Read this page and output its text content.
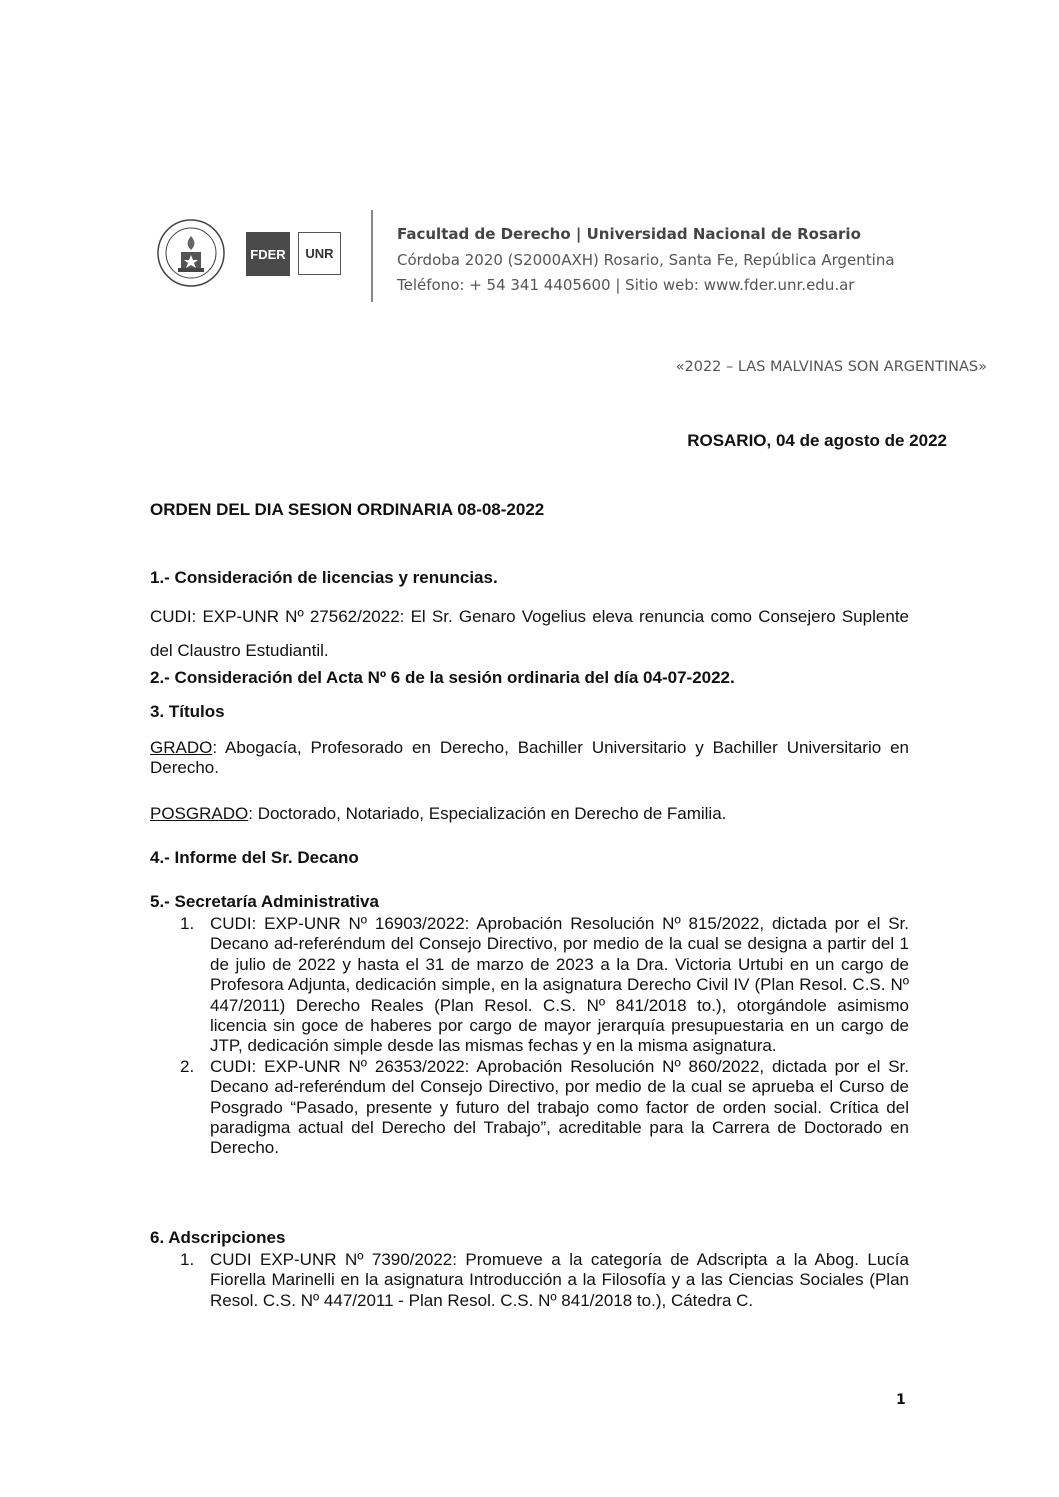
FDER	UNR
Facultad de Derecho | Universidad Nacional de Rosario
Córdoba 2020 (S2000AXH) Rosario, Santa Fe, República Argentina
Teléfono: + 54 341 4405600 | Sitio web: www.fder.unr.edu.ar
«2022 – LAS MALVINAS SON ARGENTINAS»
ROSARIO, 04 de agosto de 2022
ORDEN DEL DIA SESION ORDINARIA 08-08-2022
1.- Consideración de licencias y renuncias.
CUDI: EXP-UNR Nº 27562/2022: El Sr. Genaro Vogelius eleva renuncia como Consejero Suplente del Claustro Estudiantil.
2.- Consideración del Acta Nº 6 de la sesión ordinaria del día 04-07-2022.
3. Títulos
GRADO: Abogacía, Profesorado en Derecho, Bachiller Universitario y Bachiller Universitario en Derecho.
POSGRADO: Doctorado, Notariado, Especialización en Derecho de Familia.
4.- Informe del Sr. Decano
5.- Secretaría Administrativa
1. CUDI: EXP-UNR Nº 16903/2022: Aprobación Resolución Nº 815/2022, dictada por el Sr. Decano ad-referéndum del Consejo Directivo, por medio de la cual se designa a partir del 1 de julio de 2022 y hasta el 31 de marzo de 2023 a la Dra. Victoria Urtubi en un cargo de Profesora Adjunta, dedicación simple, en la asignatura Derecho Civil IV (Plan Resol. C.S. Nº 447/2011) Derecho Reales (Plan Resol. C.S. Nº 841/2018 to.), otorgándole asimismo licencia sin goce de haberes por cargo de mayor jerarquía presupuestaria en un cargo de JTP, dedicación simple desde las mismas fechas y en la misma asignatura.
2. CUDI: EXP-UNR Nº 26353/2022: Aprobación Resolución Nº 860/2022, dictada por el Sr. Decano ad-referéndum del Consejo Directivo, por medio de la cual se aprueba el Curso de Posgrado “Pasado, presente y futuro del trabajo como factor de orden social. Crítica del paradigma actual del Derecho del Trabajo”, acreditable para la Carrera de Doctorado en Derecho.
6. Adscripciones
1. CUDI EXP-UNR Nº 7390/2022: Promueve a la categoría de Adscripta a la Abog. Lucía Fiorella Marinelli en la asignatura Introducción a la Filosofía y a las Ciencias Sociales (Plan Resol. C.S. Nº 447/2011 - Plan Resol. C.S. Nº 841/2018 to.), Cátedra C.
1
